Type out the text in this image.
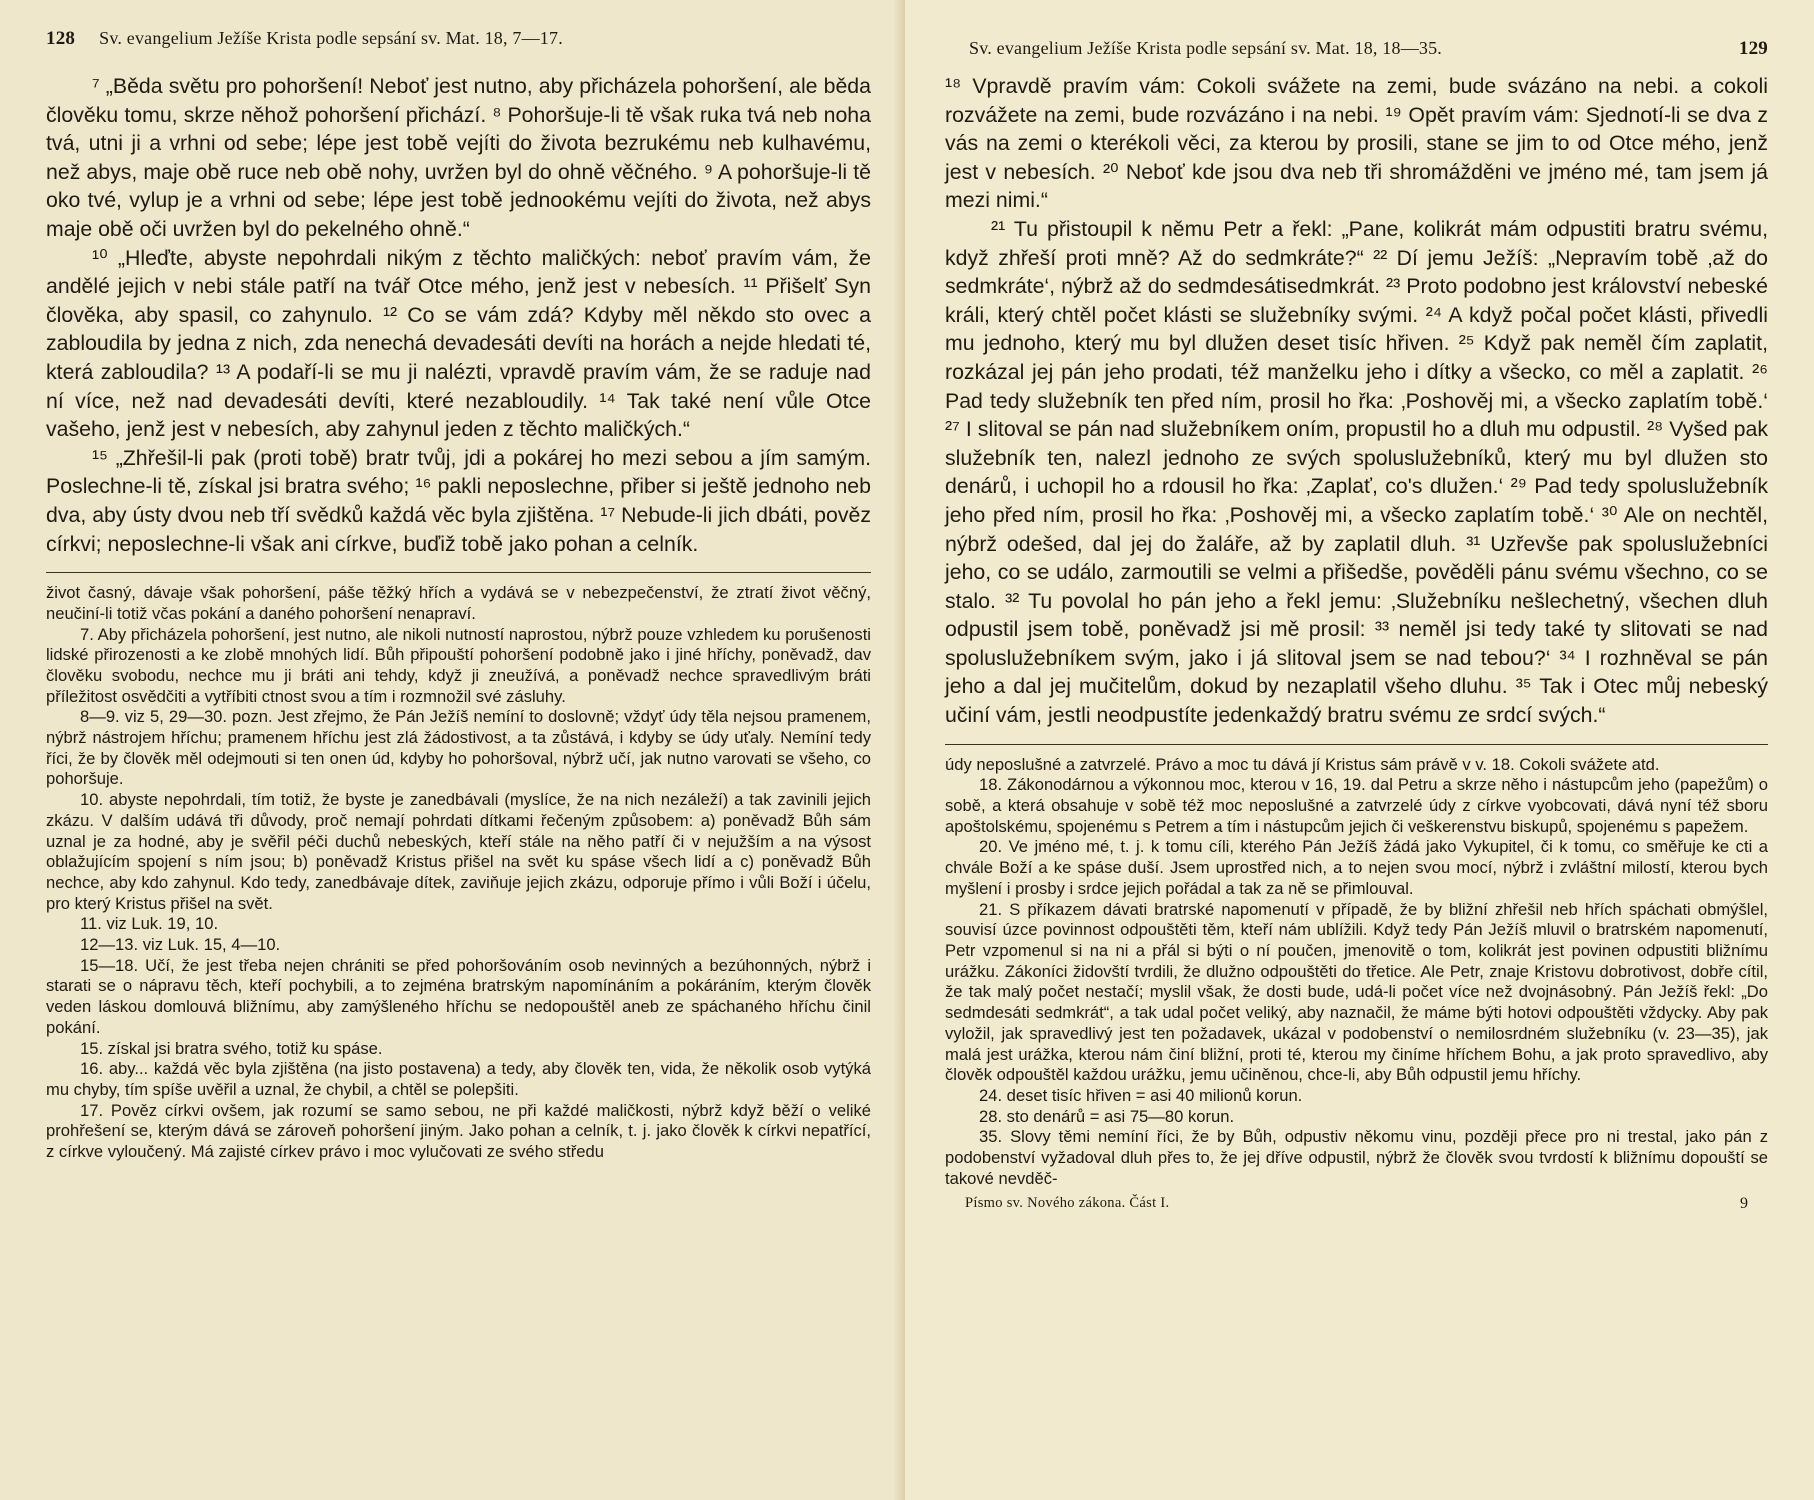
128	Sv. evangelium Ježíše Krista podle sepsání sv. Mat. 18, 7—17.

⁷ „Běda světu pro pohoršení! Neboť jest nutno, aby přicházela pohoršení, ale běda člověku tomu, skrze něhož pohoršení přichází. ⁸ Pohoršuje-li tě však ruka tvá neb noha tvá, utni ji a vrhni od sebe; lépe jest tobě vejíti do života bezrukému neb kulhavému, než abys, maje obě ruce neb obě nohy, uvržen byl do ohně věčného. ⁹ A pohoršuje-li tě oko tvé, vylup je a vrhni od sebe; lépe jest tobě jednookému vejíti do života, než abys maje obě oči uvržen byl do pekelného ohně.“

¹⁰ „Hleďte, abyste nepohrdali nikým z těchto maličkých: neboť pravím vám, že andělé jejich v nebi stále patří na tvář Otce mého, jenž jest v nebesích. ¹¹ Přišelť Syn člověka, aby spasil, co zahynulo. ¹² Co se vám zdá? Kdyby měl někdo sto ovec a zabloudila by jedna z nich, zda nenechá devadesáti devíti na horách a nejde hledati té, která zabloudila? ¹³ A podaří-li se mu ji nalézti, vpravdě pravím vám, že se raduje nad ní více, než nad devadesáti devíti, které nezabloudily. ¹⁴ Tak také není vůle Otce vašeho, jenž jest v nebesích, aby zahynul jeden z těchto maličkých.“

¹⁵ „Zhřešil-li pak (proti tobě) bratr tvůj, jdi a pokárej ho mezi sebou a jím samým. Poslechne-li tě, získal jsi bratra svého; ¹⁶ pakli neposlechne, přiber si ještě jednoho neb dva, aby ústy dvou neb tří svědků každá věc byla zjištěna. ¹⁷ Nebude-li jich dbáti, pověz církvi; neposlechne-li však ani církve, buďiž tobě jako pohan a celník.

život časný, dávaje však pohoršení, páše těžký hřích a vydává se v nebezpečenství, že ztratí život věčný, neučiní-li totiž včas pokání a daného pohoršení nenapraví.

7. Aby přicházela pohoršení, jest nutno, ale nikoli nutností naprostou, nýbrž pouze vzhledem ku porušenosti lidské přirozenosti a ke zlobě mnohých lidí. Bůh připouští pohoršení podobně jako i jiné hříchy, poněvadž, dav člověku svobodu, nechce mu ji bráti ani tehdy, když ji zneužívá, a poněvadž nechce spravedlivým bráti příležitost osvědčiti a vytříbiti ctnost svou a tím i rozmnožil své zásluhy.

8—9. viz 5, 29—30. pozn. Jest zřejmo, že Pán Ježíš nemíní to doslovně; vždyť údy těla nejsou pramenem, nýbrž nástrojem hříchu; pramenem hříchu jest zlá žádostivost, a ta zůstává, i kdyby se údy uťaly. Nemíní tedy říci, že by člověk měl odejmouti si ten onen úd, kdyby ho pohoršoval, nýbrž učí, jak nutno varovati se všeho, co pohoršuje.

10. abyste nepohrdali, tím totiž, že byste je zanedbávali (myslíce, že na nich nezáleží) a tak zavinili jejich zkázu. V dalším udává tři důvody, proč nemají pohrdati dítkami řečeným způsobem: a) poněvadž Bůh sám uznal je za hodné, aby je svěřil péči duchů nebeských, kteří stále na něho patří či v nejužším a na výsost oblažujícím spojení s ním jsou; b) poněvadž Kristus přišel na svět ku spáse všech lidí a c) poněvadž Bůh nechce, aby kdo zahynul. Kdo tedy, zanedbávaje dítek, zaviňuje jejich zkázu, odporuje přímo i vůli Boží i účelu, pro který Kristus přišel na svět.

11. viz Luk. 19, 10.

12—13. viz Luk. 15, 4—10.

15—18. Učí, že jest třeba nejen chrániti se před pohoršováním osob nevinných a bezúhonných, nýbrž i starati se o nápravu těch, kteří pochybili, a to zejména bratrským napomínáním a pokáráním, kterým člověk veden láskou domlouvá bližnímu, aby zamýšleného hříchu se nedopouštěl aneb ze spáchaného hříchu činil pokání.

15. získal jsi bratra svého, totiž ku spáse.

16. aby... každá věc byla zjištěna (na jisto postavena) a tedy, aby člověk ten, vida, že několik osob vytýká mu chyby, tím spíše uvěřil a uznal, že chybil, a chtěl se polepšiti.

17. Pověz církvi ovšem, jak rozumí se samo sebou, ne při každé maličkosti, nýbrž když běží o veliké prohřešení se, kterým dává se zároveň pohoršení jiným. Jako pohan a celník, t. j. jako člověk k církvi nepatřící, z církve vyloučený. Má zajisté církev právo i moc vylučovati ze svého středu

Sv. evangelium Ježíše Krista podle sepsání sv. Mat. 18, 18—35.	129

¹⁸ Vpravdě pravím vám: Cokoli svážete na zemi, bude svázáno na nebi. a cokoli rozvážete na zemi, bude rozvázáno i na nebi. ¹⁹ Opět pravím vám: Sjednotí-li se dva z vás na zemi o kterékoli věci, za kterou by prosili, stane se jim to od Otce mého, jenž jest v nebesích. ²⁰ Neboť kde jsou dva neb tři shromážděni ve jméno mé, tam jsem já mezi nimi.“

²¹ Tu přistoupil k němu Petr a řekl: „Pane, kolikrát mám odpustiti bratru svému, když zhřeší proti mně? Až do sedmkráte?“ ²² Dí jemu Ježíš: „Nepravím tobě ‚až do sedmkráte‘, nýbrž až do sedmdesátisedmkrát. ²³ Proto podobno jest království nebeské králi, který chtěl počet klásti se služebníky svými. ²⁴ A když počal počet klásti, přivedli mu jednoho, který mu byl dlužen deset tisíc hřiven. ²⁵ Když pak neměl čím zaplatit, rozkázal jej pán jeho prodati, též manželku jeho i dítky a všecko, co měl a zaplatit. ²⁶ Pad tedy služebník ten před ním, prosil ho řka: ‚Poshověj mi, a všecko zaplatím tobě.‘ ²⁷ I slitoval se pán nad služebníkem oním, propustil ho a dluh mu odpustil. ²⁸ Vyšed pak služebník ten, nalezl jednoho ze svých spoluslužebníků, který mu byl dlužen sto denárů, i uchopil ho a rdousil ho řka: ‚Zaplať, co's dlužen.‘ ²⁹ Pad tedy spoluslužebník jeho před ním, prosil ho řka: ‚Poshověj mi, a všecko zaplatím tobě.‘ ³⁰ Ale on nechtěl, nýbrž odešed, dal jej do žaláře, až by zaplatil dluh. ³¹ Uzřevše pak spoluslužebníci jeho, co se událo, zarmoutili se velmi a přišedše, pověděli pánu svému všechno, co se stalo. ³² Tu povolal ho pán jeho a řekl jemu: ‚Služebníku nešlechetný, všechen dluh odpustil jsem tobě, poněvadž jsi mě prosil: ³³ neměl jsi tedy také ty slitovati se nad spoluslužebníkem svým, jako i já slitoval jsem se nad tebou?‘ ³⁴ I rozhněval se pán jeho a dal jej mučitelům, dokud by nezaplatil všeho dluhu. ³⁵ Tak i Otec můj nebeský učiní vám, jestli neodpustíte jedenkaždý bratru svému ze srdcí svých.“

údy neposlušné a zatvrzelé. Právo a moc tu dává jí Kristus sám právě v v. 18. Cokoli svážete atd.

18. Zákonodárnou a výkonnou moc, kterou v 16, 19. dal Petru a skrze něho i nástupcům jeho (papežům) o sobě, a která obsahuje v sobě též moc neposlušné a zatvrzelé údy z církve vyobcovati, dává nyní též sboru apoštolskému, spojenému s Petrem a tím i nástupcům jejich či veškerenstvu biskupů, spojenému s papežem.

20. Ve jméno mé, t. j. k tomu cíli, kterého Pán Ježíš žádá jako Vykupitel, či k tomu, co směřuje ke cti a chvále Boží a ke spáse duší. Jsem uprostřed nich, a to nejen svou mocí, nýbrž i zvláštní milostí, kterou bych myšlení i prosby i srdce jejich pořádal a tak za ně se přimlouval.

21. S příkazem dávati bratrské napomenutí v případě, že by bližní zhřešil neb hřích spáchati obmýšlel, souvisí úzce povinnost odpouštěti těm, kteří nám ublížili. Když tedy Pán Ježíš mluvil o bratrském napomenutí, Petr vzpomenul si na ni a přál si býti o ní poučen, jmenovitě o tom, kolikrát jest povinen odpustiti bližnímu urážku. Zákoníci židovští tvrdili, že dlužno odpouštěti do třetice. Ale Petr, znaje Kristovu dobrotivost, dobře cítil, že tak malý počet nestačí; myslil však, že dosti bude, udá-li počet více než dvojnásobný. Pán Ježíš řekl: „Do sedmdesáti sedmkrát“, a tak udal počet veliký, aby naznačil, že máme býti hotovi odpouštěti vždycky. Aby pak vyložil, jak spravedlivý jest ten požadavek, ukázal v podobenství o nemilosrdném služebníku (v. 23—35), jak malá jest urážka, kterou nám činí bližní, proti té, kterou my činíme hříchem Bohu, a jak proto spravedlivo, aby člověk odpouštěl každou urážku, jemu učiněnou, chce-li, aby Bůh odpustil jemu hříchy.

24. deset tisíc hřiven = asi 40 milionů korun.

28. sto denárů = asi 75—80 korun.

35. Slovy těmi nemíní říci, že by Bůh, odpustiv někomu vinu, později přece pro ni trestal, jako pán z podobenství vyžadoval dluh přes to, že jej dříve odpustil, nýbrž že člověk svou tvrdostí k bližnímu dopouští se takové nevděč-

Písmo sv. Nového zákona. Část I.	9
